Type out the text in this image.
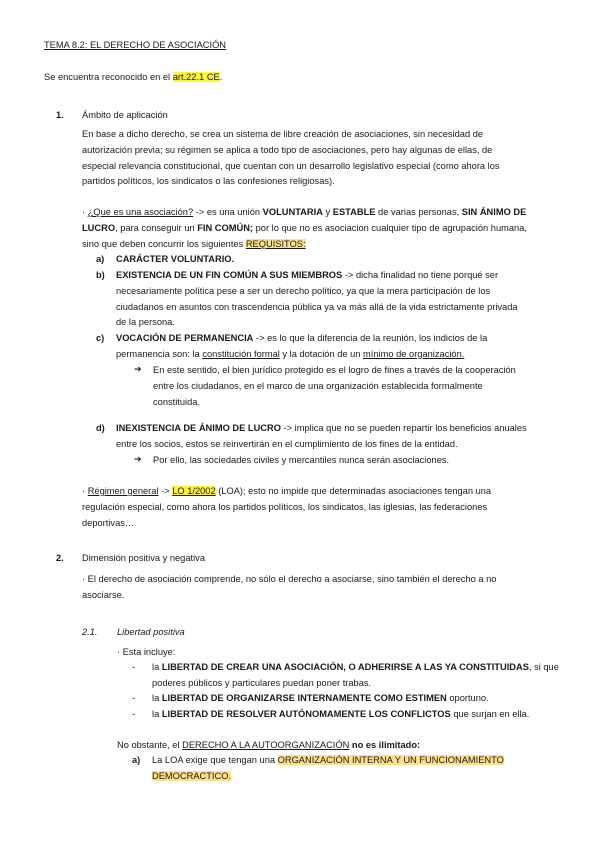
TEMA 8.2: EL DERECHO DE ASOCIACIÓN

Se encuentra reconocido en el art.22.1 CE.

1. Ámbito de aplicación

En base a dicho derecho, se crea un sistema de libre creación de asociaciones, sin necesidad de

autorización previa; su régimen se aplica a todo tipo de asociaciones, pero hay algunas de ellas, de

especial relevancia constitucional, que cuentan con un desarrollo legislativo especial (como ahora los

partidos políticos, los sindicatos o las confesiones religiosas).

· ¿Que es una asociación? -> es una unión VOLUNTARIA y ESTABLE de varias personas, SIN ÁNIMO DE

LUCRO, para conseguir un FIN COMÚN; por lo que no es asociacion cualquier tipo de agrupación humana,

sino que deben concurrir los siguientes REQUISITOS:

a) CARÁCTER VOLUNTARIO.

b) EXISTENCIA DE UN FIN COMÚN A SUS MIEMBROS -> dicha finalidad no tiene porqué ser

necesariamente política pese a ser un derecho político, ya que la mera participación de los

ciudadanos en asuntos con trascendencia pública ya va más allá de la vida estrictamente privada

de la persona.

c) VOCACIÓN DE PERMANENCIA -> es lo que la diferencia de la reunión, los indicios de la

permanencia son: la constitución formal y la dotación de un mínimo de organización.

➔ En este sentido, el bien jurídico protegido es el logro de fines a través de la cooperación

entre los ciudadanos, en el marco de una organización establecida formalmente

constituida.

d) INEXISTENCIA DE ÁNIMO DE LUCRO -> implica que no se pueden repartir los beneficios anuales

entre los socios, estos se reinvertirán en el cumplimiento de los fines de la entidad.

➔ Por ello, las sociedades civiles y mercantiles nunca serán asociaciones.

· Régimen general -> LO 1/2002 (LOA); esto no impide que determinadas asociaciones tengan una

regulación especial, como ahora los partidos políticos, los sindicatos, las iglesias, las federaciones

deportivas…

2. Dimensión positiva y negativa

· El derecho de asociación comprende, no sólo el derecho a asociarse, sino también el derecho a no

asociarse.

2.1. Libertad positiva

· Esta incluye:

- la LIBERTAD DE CREAR UNA ASOCIACIÓN, O ADHERIRSE A LAS YA CONSTITUIDAS, si que

poderes públicos y particulares puedan poner trabas.

- la LIBERTAD DE ORGANIZARSE INTERNAMENTE COMO ESTIMEN oportuno.

- la LIBERTAD DE RESOLVER AUTÓNOMAMENTE LOS CONFLICTOS que surjan en ella.

No obstante, el DERECHO A LA AUTOORGANIZACIÓN no es ilimitado:

a) La LOA exige que tengan una ORGANIZACIÓN INTERNA Y UN FUNCIONAMIENTO

DEMOCRACTICO.
